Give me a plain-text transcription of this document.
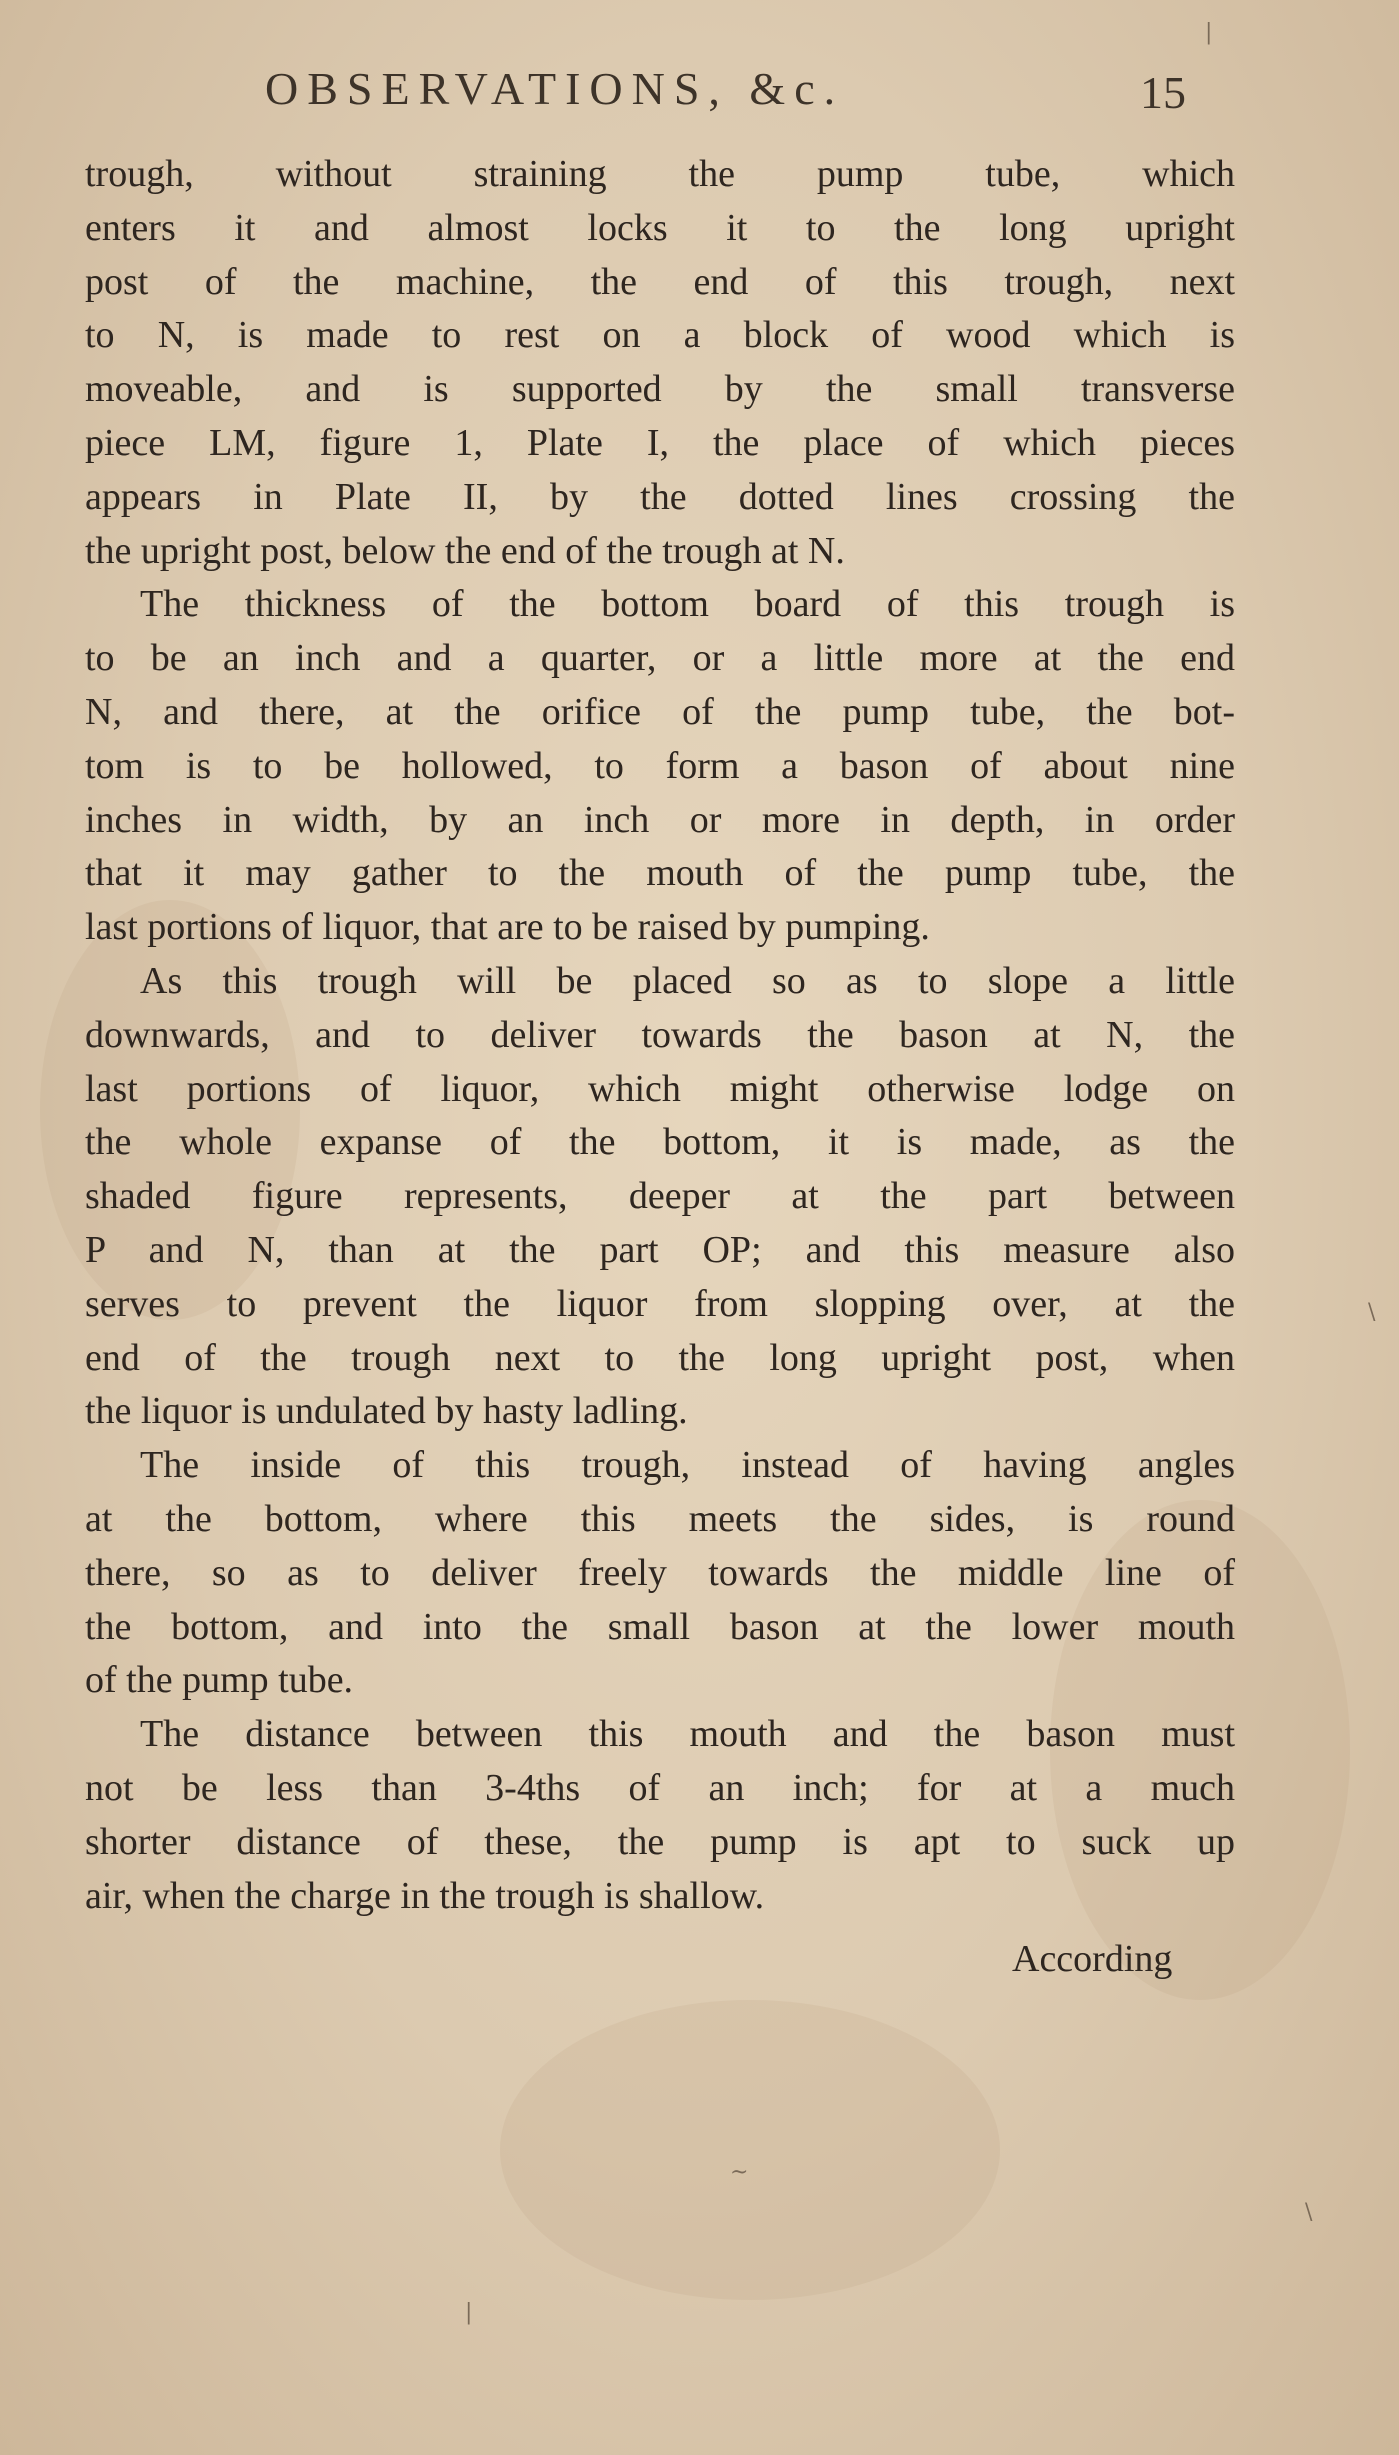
OBSERVATIONS, &c.	15
trough, without straining the pump tube, which
enters it and almost locks it to the long upright
post of the machine, the end of this trough, next
to N, is made to rest on a block of wood which is
moveable, and is supported by the small transverse
piece LM, figure 1, Plate I, the place of which pieces
appears in Plate II, by the dotted lines crossing the
the upright post, below the end of the trough at N.
The thickness of the bottom board of this trough is
to be an inch and a quarter, or a little more at the end
N, and there, at the orifice of the pump tube, the bot-
tom is to be hollowed, to form a bason of about nine
inches in width, by an inch or more in depth, in order
that it may gather to the mouth of the pump tube, the
last portions of liquor, that are to be raised by pumping.
As this trough will be placed so as to slope a little
downwards, and to deliver towards the bason at N, the
last portions of liquor, which might otherwise lodge on
the whole expanse of the bottom, it is made, as the
shaded figure represents, deeper at the part between
P and N, than at the part OP; and this measure also
serves to prevent the liquor from slopping over, at the
end of the trough next to the long upright post, when
the liquor is undulated by hasty ladling.
The inside of this trough, instead of having angles
at the bottom, where this meets the sides, is round
there, so as to deliver freely towards the middle line of
the bottom, and into the small bason at the lower mouth
of the pump tube.
The distance between this mouth and the bason must
not be less than 3-4ths of an inch; for at a much
shorter distance of these, the pump is apt to suck up
air, when the charge in the trough is shallow.
According
|
\
~
|
\
